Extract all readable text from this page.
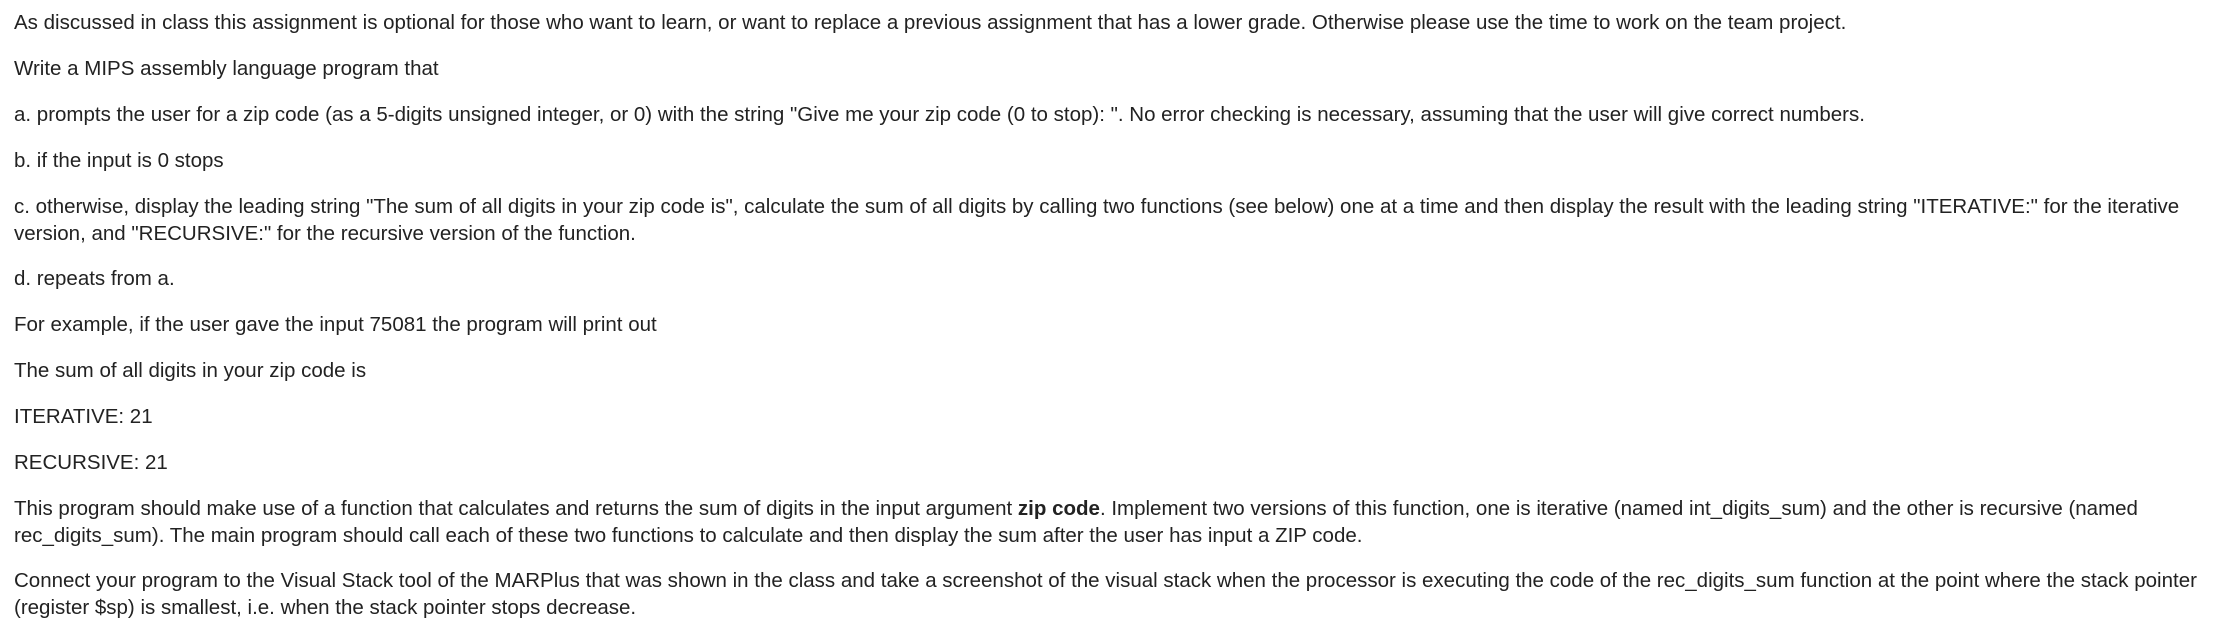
As discussed in class this assignment is optional for those who want to learn, or want to replace a previous assignment that has a lower grade. Otherwise please use the time to work on the team project.

Write a MIPS assembly language program that

a. prompts the user for a zip code (as a 5-digits unsigned integer, or 0) with the string "Give me your zip code (0 to stop): ". No error checking is necessary, assuming that the user will give correct numbers.

b. if the input is 0 stops

c. otherwise, display the leading string "The sum of all digits in your zip code is", calculate the sum of all digits by calling two functions (see below) one at a time and then display the result with the leading string "ITERATIVE:" for the iterative version, and "RECURSIVE:" for the recursive version of the function.

d. repeats from a.

For example, if the user gave the input 75081 the program will print out

The sum of all digits in your zip code is

ITERATIVE: 21

RECURSIVE: 21

This program should make use of a function that calculates and returns the sum of digits in the input argument zip code. Implement two versions of this function, one is iterative (named int_digits_sum) and the other is recursive (named rec_digits_sum). The main program should call each of these two functions to calculate and then display the sum after the user has input a ZIP code.

Connect your program to the Visual Stack tool of the MARPlus that was shown in the class and take a screenshot of the visual stack when the processor is executing the code of the rec_digits_sum function at the point where the stack pointer (register $sp) is smallest, i.e. when the stack pointer stops decrease.
